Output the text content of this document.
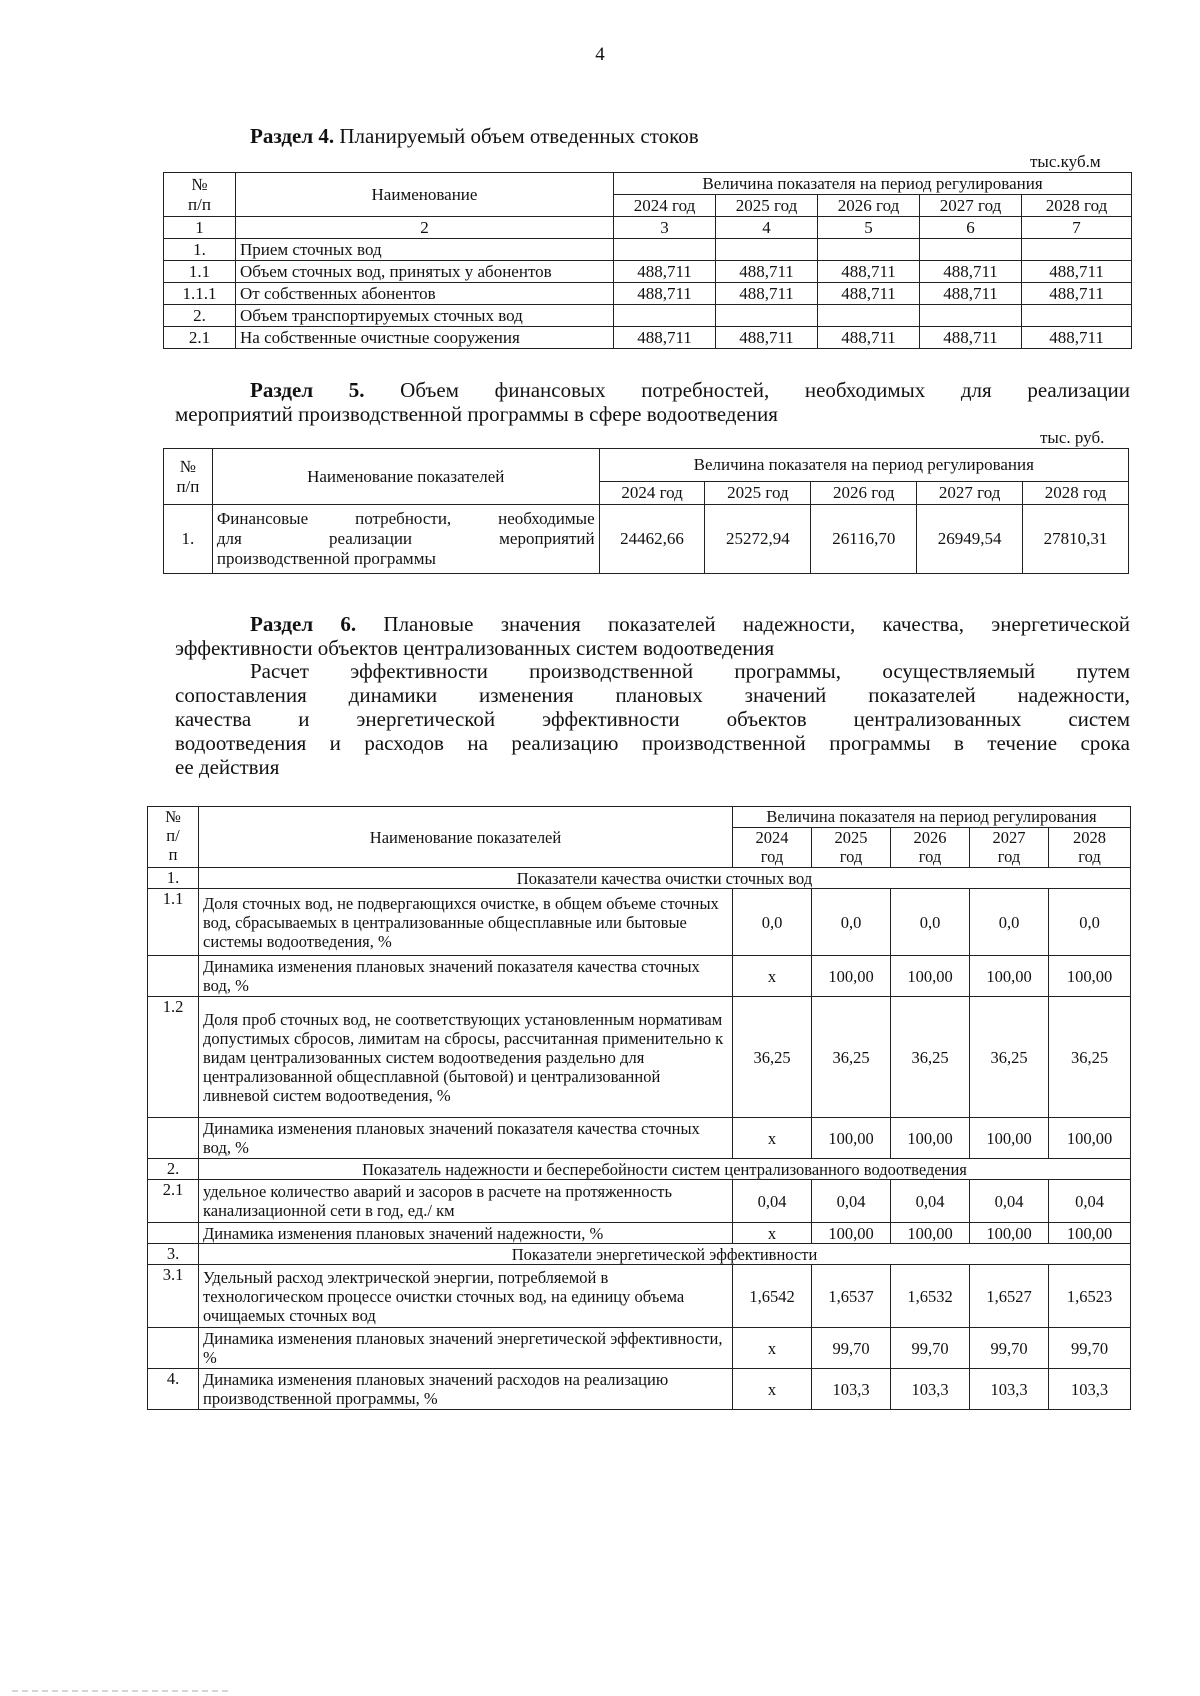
4
Раздел 4. Планируемый объем отведенных стоков
тыс.куб.м
№
п/п	Наименование	Величина показателя на период регулирования				
		2024 год	2025 год	2026 год	2027 год	2028 год
1	2	3	4	5	6	7
1.	Прием сточных вод					
1.1	Объем сточных вод, принятых у абонентов	488,711	488,711	488,711	488,711	488,711
1.1.1	От собственных абонентов	488,711	488,711	488,711	488,711	488,711
2.	Объем транспортируемых сточных вод					
2.1	На собственные очистные сооружения	488,711	488,711	488,711	488,711	488,711
Раздел 5. Объем финансовых потребностей, необходимых для реализации
мероприятий производственной программы в сфере водоотведения
тыс. руб.
№
п/п	Наименование показателей	Величина показателя на период регулирования				
		2024 год	2025 год	2026 год	2027 год	2028 год
1.	Финансовые потребности, необходимые
для реализации мероприятий
производственной программы	24462,66	25272,94	26116,70	26949,54	27810,31
Раздел 6. Плановые значения показателей надежности, качества, энергетической
эффективности объектов централизованных систем водоотведения
Расчет эффективности производственной программы, осуществляемый путем
сопоставления динамики изменения плановых значений показателей надежности,
качества и энергетической эффективности объектов централизованных систем
водоотведения и расходов на реализацию производственной программы в течение срока
ее действия
№
п/
п	Наименование показателей	Величина показателя на период регулирования				
		2024
год	2025
год	2026
год	2027
год	2028
год
1.	Показатели качества очистки сточных вод					
1.1	Доля сточных вод, не подвергающихся очистке, в общем объеме сточных вод, сбрасываемых в централизованные общесплавные или бытовые системы водоотведения, %	0,0	0,0	0,0	0,0	0,0
	Динамика изменения плановых значений показателя качества сточных вод, %	х	100,00	100,00	100,00	100,00
1.2	Доля проб сточных вод, не соответствующих установленным нормативам допустимых сбросов, лимитам на сбросы, рассчитанная применительно к видам централизованных систем водоотведения раздельно для централизованной общесплавной (бытовой) и централизованной ливневой систем водоотведения, %	36,25	36,25	36,25	36,25	36,25
	Динамика изменения плановых значений показателя качества сточных вод, %	х	100,00	100,00	100,00	100,00
2.	Показатель надежности и бесперебойности систем централизованного водоотведения					
2.1	удельное количество аварий и засоров в расчете на протяженность канализационной сети в год, ед./ км	0,04	0,04	0,04	0,04	0,04
	Динамика изменения плановых значений надежности, %	х	100,00	100,00	100,00	100,00
3.	Показатели энергетической эффективности					
3.1	Удельный расход электрической энергии, потребляемой в технологическом процессе очистки сточных вод, на единицу объема очищаемых сточных вод	1,6542	1,6537	1,6532	1,6527	1,6523
	Динамика изменения плановых значений энергетической эффективности, %	х	99,70	99,70	99,70	99,70
4.	Динамика изменения плановых значений расходов на реализацию производственной программы, %	х	103,3	103,3	103,3	103,3
